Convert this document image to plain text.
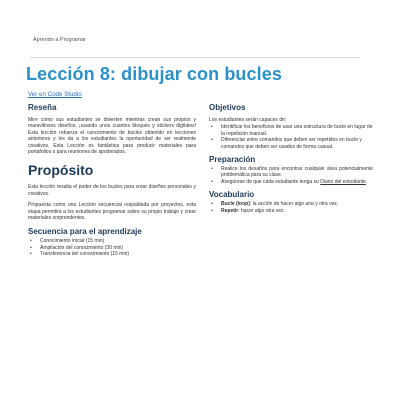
Aprendo a Programar
Lección 8: dibujar con bucles
Ver en Code Studio
Reseña

Mire como sus estudiantes se divierten mientras crean sus propios y maravillosos diseños, ¡usando unos cuantos bloques y stickers digitales! Esta lección refuerza el conocimiento de bucles obtenido en lecciones anteriores y les da a los estudiantes la oportunidad de ser realmente creativos. Esta Lección es fantástica para producir materiales para portafolios o para reuniones de apoderados.

Propósito

Esta lección resalta el poder de los bucles para crear diseños personales y creativos.

Propuesta como una Lección secuencial respaldada por proyectos, esta etapa permitirá a los estudiantes programar sobre su propio trabajo y crear materiales sorprendentes.

Secuencia para el aprendizaje
• Conocimiento inicial (15 min)
• Ampliación del conocimiento (30 min)
• Transferencia del conocimiento (15 min)
Objetivos

Los estudiantes serán capaces de:

• Identificar los beneficios de usar una estructura de bucle en lugar de la repetición manual.
• Diferenciar entre comandos que deben ser repetidos en bucle y comandos que deben ser usados de forma casual.
Preparación
• Realice los desafíos para encontrar cualquier área potencialmente problemática para su clase.
• Asegúrese de que cada estudiante tenga su Diario del estudiante.
Vocabulario
• Bucle (loop): la acción de hacer algo una y otra vez.
• Repetir: hacer algo otra vez.
